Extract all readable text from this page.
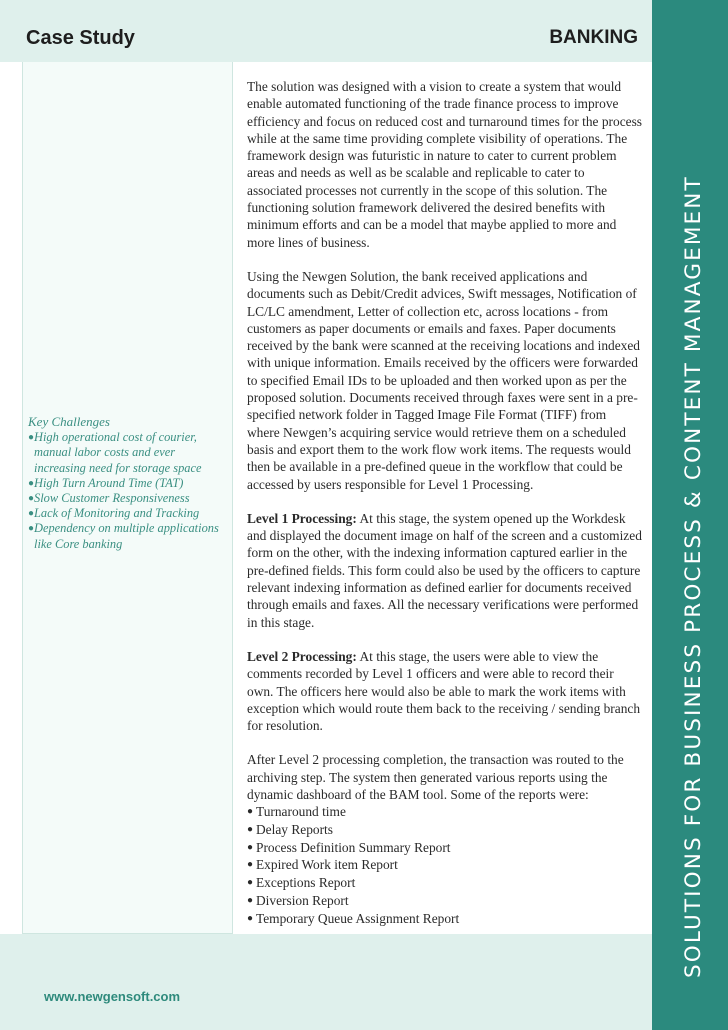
Case Study	BANKING
Key Challenges
● High operational cost of courier, manual labor costs and ever increasing need for storage space
● High Turn Around Time (TAT)
● Slow Customer Responsiveness
● Lack of Monitoring and Tracking
● Dependency on multiple applications like Core banking

The solution was designed with a vision to create a system that would enable automated functioning of the trade finance process to improve efficiency and focus on reduced cost and turnaround times for the process while at the same time providing complete visibility of operations. The framework design was futuristic in nature to cater to current problem areas and needs as well as be scalable and replicable to cater to associated processes not currently in the scope of this solution. The functioning solution framework delivered the desired benefits with minimum efforts and can be a model that maybe applied to more and more lines of business.

Using the Newgen Solution, the bank received applications and documents such as Debit/Credit advices, Swift messages, Notification of LC/LC amendment, Letter of collection etc, across locations - from customers as paper documents or emails and faxes. Paper documents received by the bank were scanned at the receiving locations and indexed with unique information. Emails received by the officers were forwarded to specified Email IDs to be uploaded and then worked upon as per the proposed solution. Documents received through faxes were sent in a pre-specified network folder in Tagged Image File Format (TIFF) from where Newgen’s acquiring service would retrieve them on a scheduled basis and export them to the work flow work items. The requests would then be available in a pre-defined queue in the workflow that could be accessed by users responsible for Level 1 Processing.

Level 1 Processing: At this stage, the system opened up the Workdesk and displayed the document image on half of the screen and a customized form on the other, with the indexing information captured earlier in the pre-defined fields. This form could also be used by the officers to capture relevant indexing information as defined earlier for documents received through emails and faxes. All the necessary verifications were performed in this stage.

Level 2 Processing: At this stage, the users were able to view the comments recorded by Level 1 officers and were able to record their own. The officers here would also be able to mark the work items with exception which would route them back to the receiving / sending branch for resolution.

After Level 2 processing completion, the transaction was routed to the archiving step. The system then generated various reports using the dynamic dashboard of the BAM tool. Some of the reports were:

● Turnaround time
● Delay Reports
● Process Definition Summary Report
● Expired Work item Report
● Exceptions Report
● Diversion Report
● Temporary Queue Assignment Report
www.newgensoft.com
SOLUTIONS FOR BUSINESS PROCESS & CONTENT MANAGEMENT
